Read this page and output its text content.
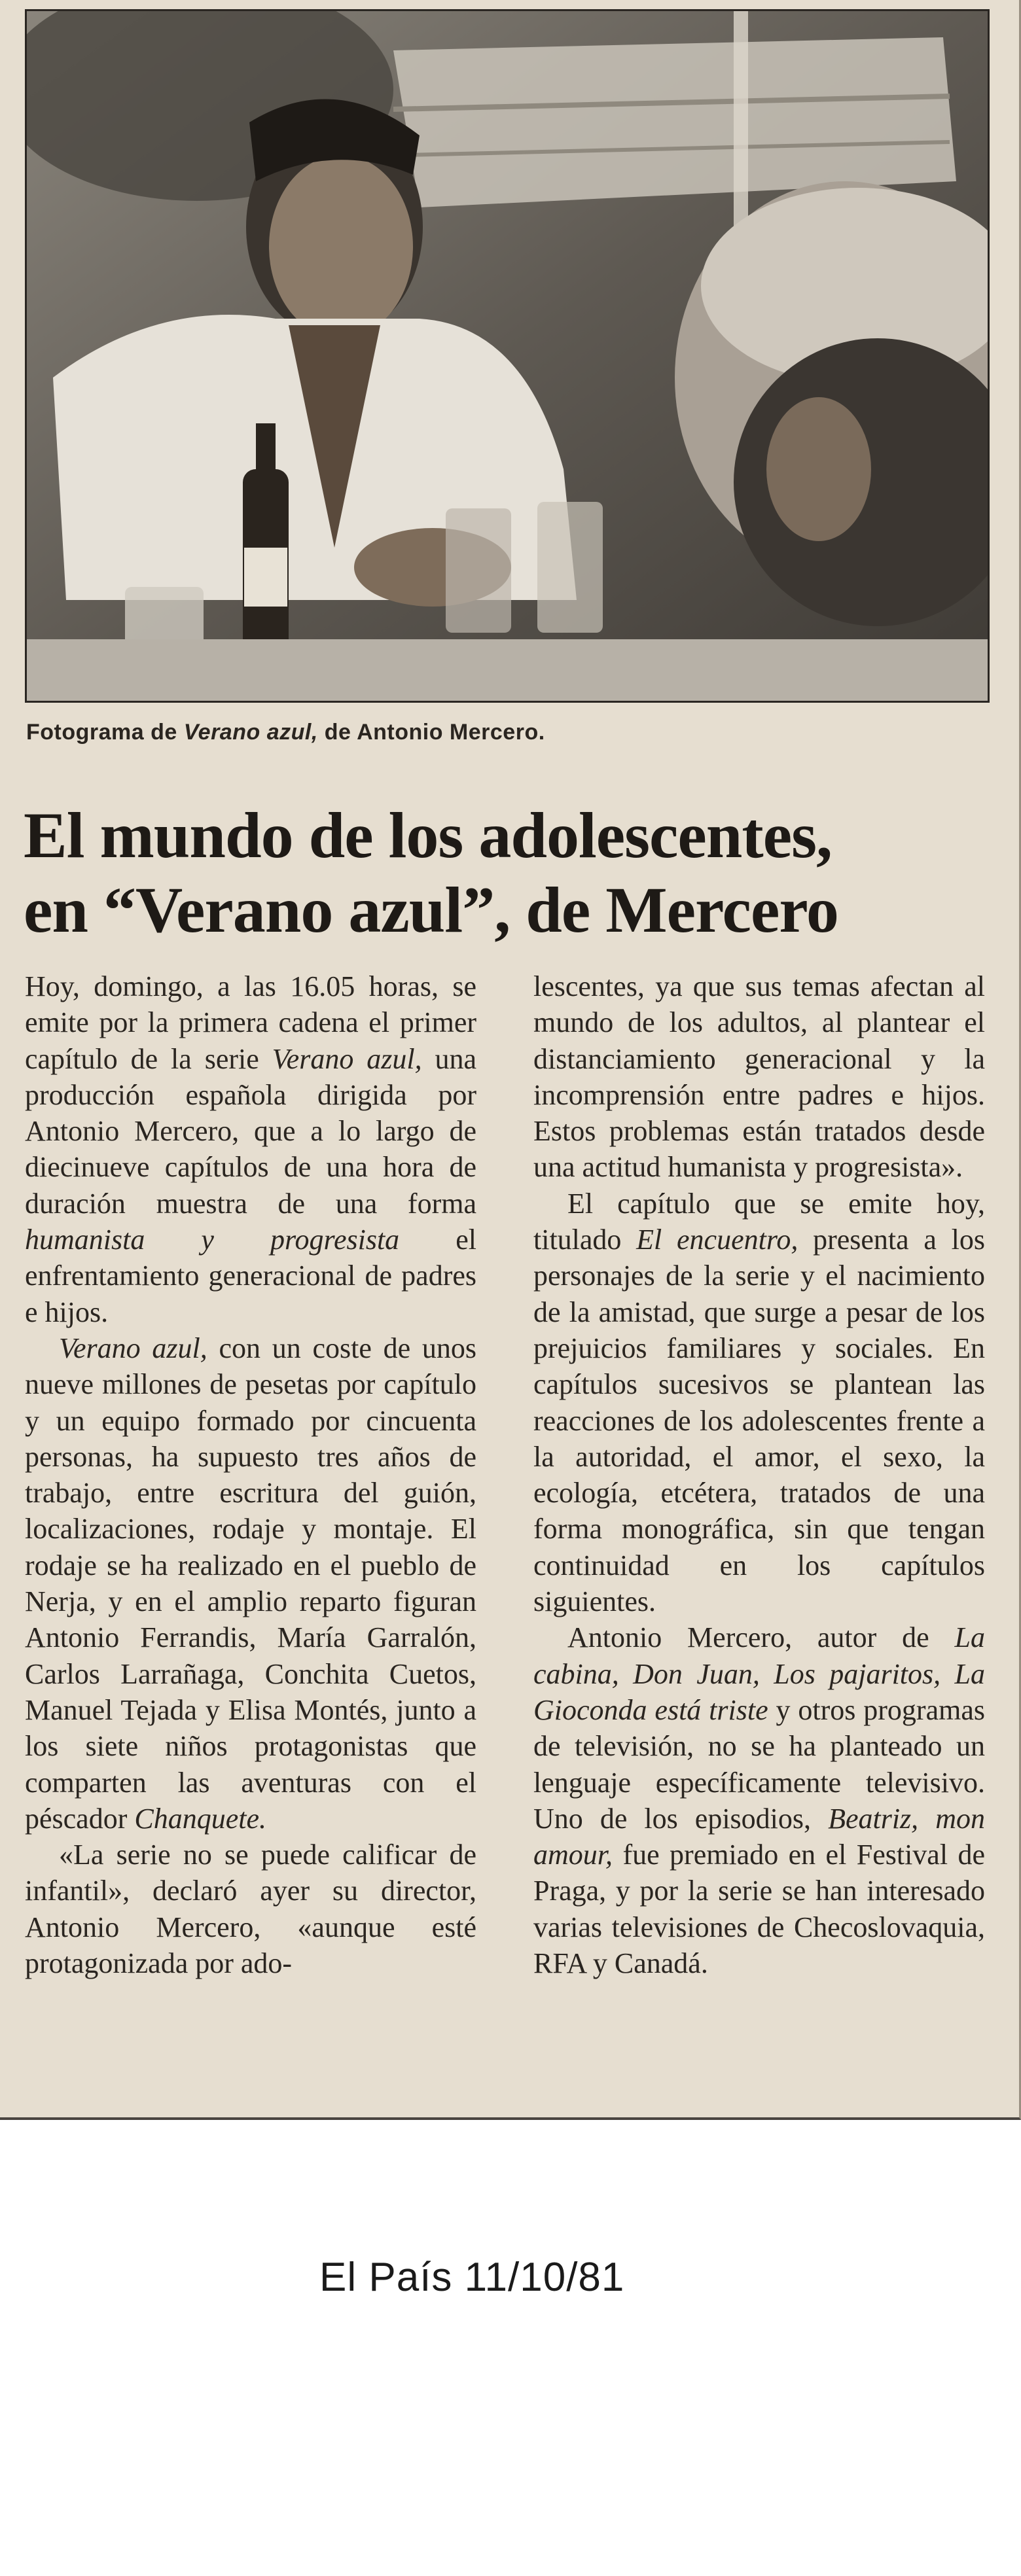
Fotograma de Verano azul, de Antonio Mercero.
El mundo de los adolescentes,
en “Verano azul”, de Mercero

Hoy, domingo, a las 16.05 horas, se emite por la primera cadena el primer capítulo de la serie Verano azul, una producción española dirigida por Antonio Mercero, que a lo largo de diecinueve capítulos de una hora de duración muestra de una forma humanista y progresista el enfrentamiento generacional de padres e hijos.

Verano azul, con un coste de unos nueve millones de pesetas por capítulo y un equipo formado por cincuenta personas, ha supuesto tres años de trabajo, entre escritura del guión, localizaciones, rodaje y montaje. El rodaje se ha realizado en el pueblo de Nerja, y en el amplio reparto figuran Antonio Ferrandis, María Garralón, Carlos Larrañaga, Conchita Cuetos, Manuel Tejada y Elisa Montés, junto a los siete niños protagonistas que comparten las aventuras con el péscador Chanquete.

«La serie no se puede calificar de infantil», declaró ayer su director, Antonio Mercero, «aunque esté protagonizada por ado-

lescentes, ya que sus temas afectan al mundo de los adultos, al plantear el distanciamiento generacional y la incomprensión entre padres e hijos. Estos problemas están tratados desde una actitud humanista y progresista».

El capítulo que se emite hoy, titulado El encuentro, presenta a los personajes de la serie y el nacimiento de la amistad, que surge a pesar de los prejuicios familiares y sociales. En capítulos sucesivos se plantean las reacciones de los adolescentes frente a la autoridad, el amor, el sexo, la ecología, etcétera, tratados de una forma monográfica, sin que tengan continuidad en los capítulos siguientes.

Antonio Mercero, autor de La cabina, Don Juan, Los pajaritos, La Gioconda está triste y otros programas de televisión, no se ha planteado un lenguaje específicamente televisivo. Uno de los episodios, Beatriz, mon amour, fue premiado en el Festival de Praga, y por la serie se han interesado varias televisiones de Checoslovaquia, RFA y Canadá.

El País 11/10/81
